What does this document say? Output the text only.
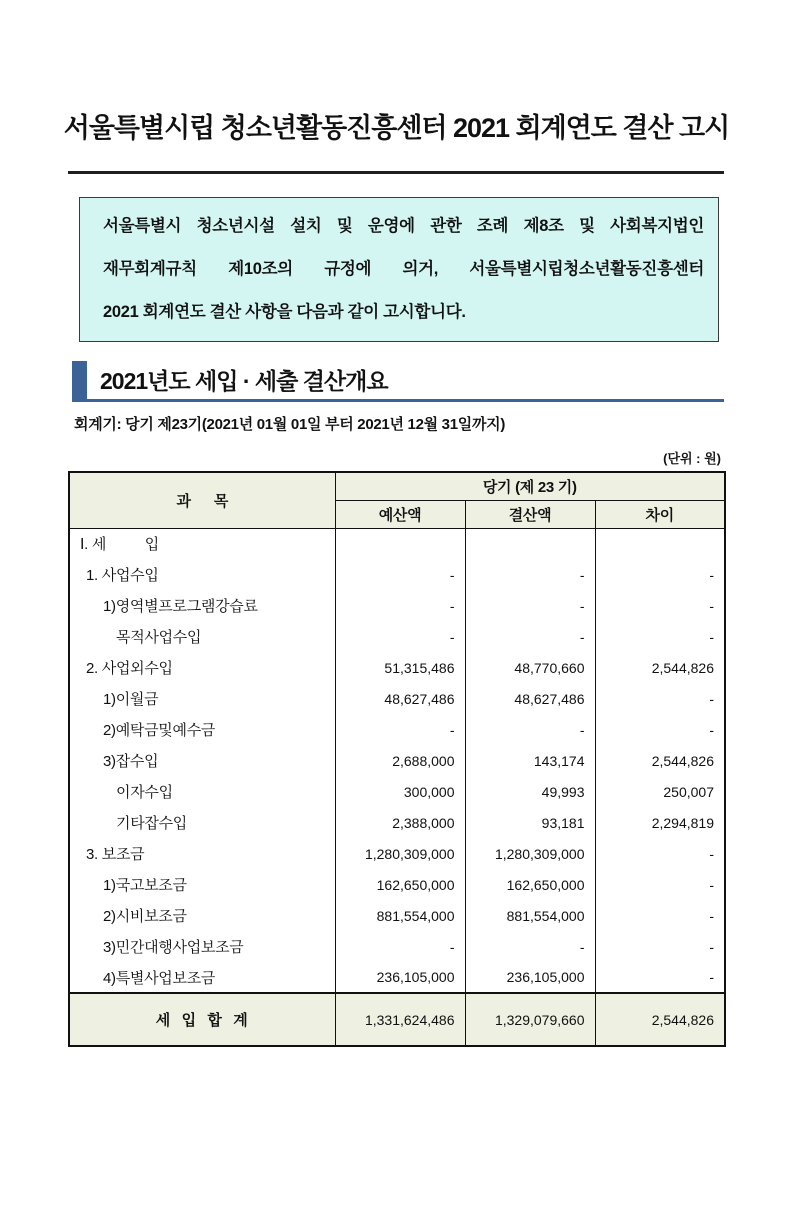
서울특별시립 청소년활동진흥센터 2021 회계연도 결산 고시
서울특별시 청소년시설 설치 및 운영에 관한 조례 제8조 및 사회복지법인
재무회계규칙 제10조의 규정에 의거, 서울특별시립청소년활동진흥센터
2021 회계연도 결산 사항을 다음과 같이 고시합니다.
2021년도 세입 · 세출 결산개요
회계기: 당기 제23기(2021년 01월 01일 부터 2021년 12월 31일까지)
(단위 : 원)
과      목	당기 (제 23 기)		
	예산액	결산액	차이
Ⅰ. 세          입			
1. 사업수입	-	-	-
1)영역별프로그램강습료	-	-	-
목적사업수입	-	-	-
2. 사업외수입	51,315,486	48,770,660	2,544,826
1)이월금	48,627,486	48,627,486	-
2)예탁금및예수금	-	-	-
3)잡수입	2,688,000	143,174	2,544,826
이자수입	300,000	49,993	250,007
기타잡수입	2,388,000	93,181	2,294,819
3. 보조금	1,280,309,000	1,280,309,000	-
1)국고보조금	162,650,000	162,650,000	-
2)시비보조금	881,554,000	881,554,000	-
3)민간대행사업보조금	-	-	-
4)특별사업보조금	236,105,000	236,105,000	-
세  입  합  계	1,331,624,486	1,329,079,660	2,544,826
